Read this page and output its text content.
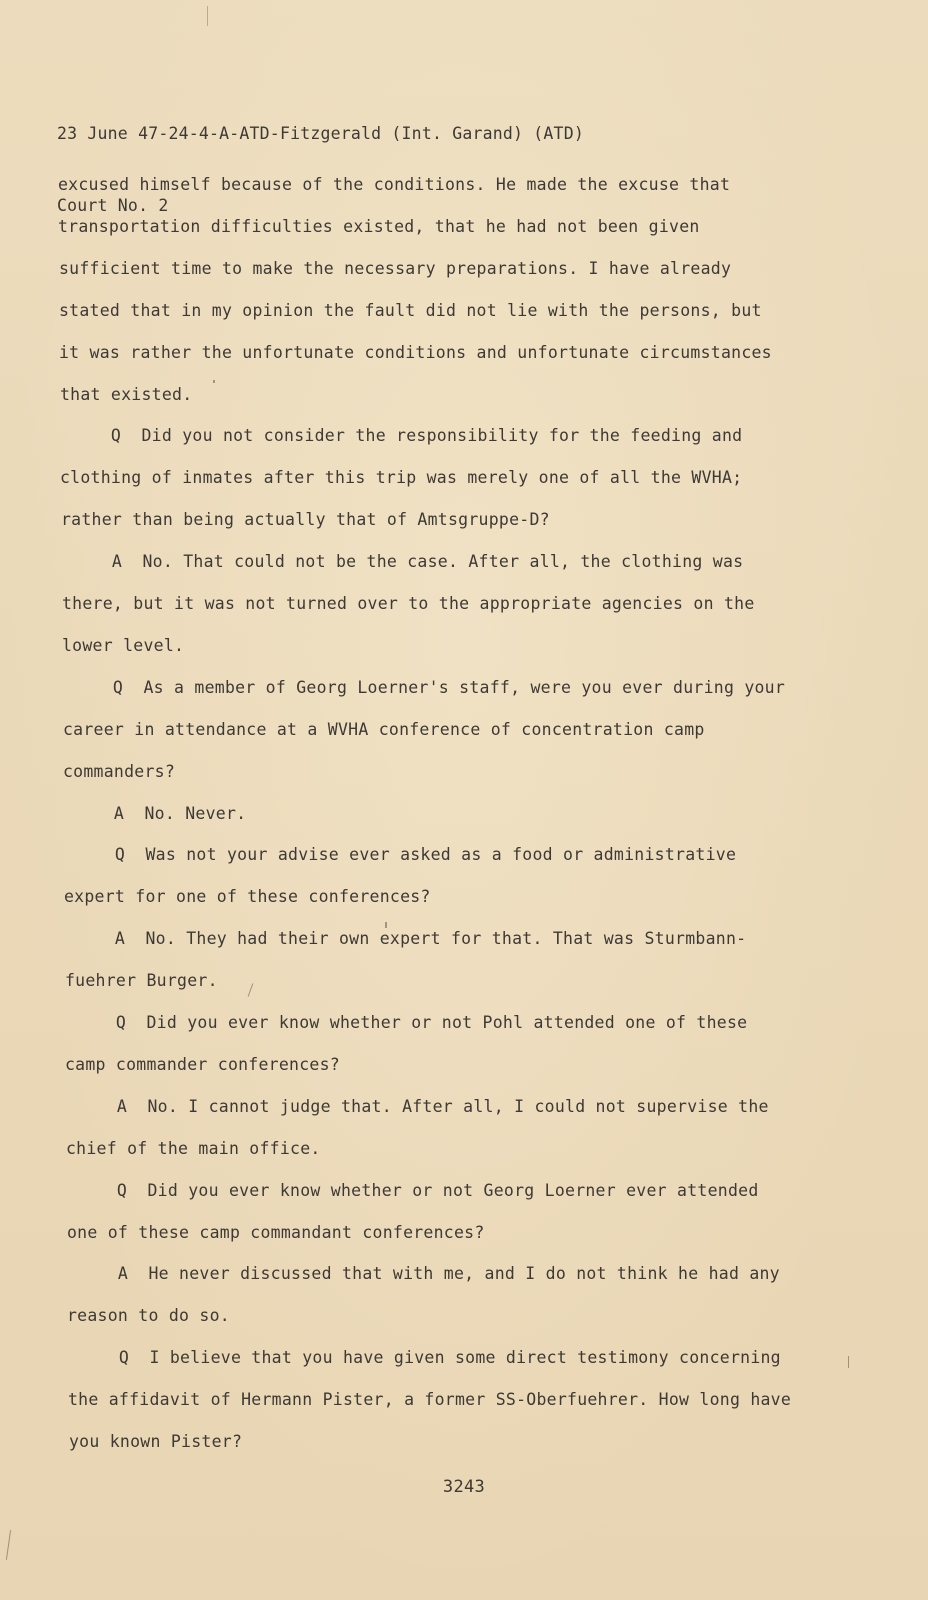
23 June 47-24-4-A-ATD-Fitzgerald (Int. Garand) (ATD)

Court No. 2

excused himself because of the conditions. He made the excuse that
transportation difficulties existed, that he had not been given
sufficient time to make the necessary preparations. I have already
stated that in my opinion the fault did not lie with the persons, but
it was rather the unfortunate conditions and unfortunate circumstances
that existed.
Q  Did you not consider the responsibility for the feeding and
clothing of inmates after this trip was merely one of all the WVHA;
rather than being actually that of Amtsgruppe-D?
A  No. That could not be the case. After all, the clothing was
there, but it was not turned over to the appropriate agencies on the
lower level.
Q  As a member of Georg Loerner's staff, were you ever during your
career in attendance at a WVHA conference of concentration camp
commanders?
A  No. Never.
Q  Was not your advise ever asked as a food or administrative
expert for one of these conferences?
A  No. They had their own expert for that. That was Sturmbann-
fuehrer Burger.
Q  Did you ever know whether or not Pohl attended one of these
camp commander conferences?
A  No. I cannot judge that. After all, I could not supervise the
chief of the main office.
Q  Did you ever know whether or not Georg Loerner ever attended
one of these camp commandant conferences?
A  He never discussed that with me, and I do not think he had any
reason to do so.
Q  I believe that you have given some direct testimony concerning
the affidavit of Hermann Pister, a former SS-Oberfuehrer. How long have
you known Pister?
3243
